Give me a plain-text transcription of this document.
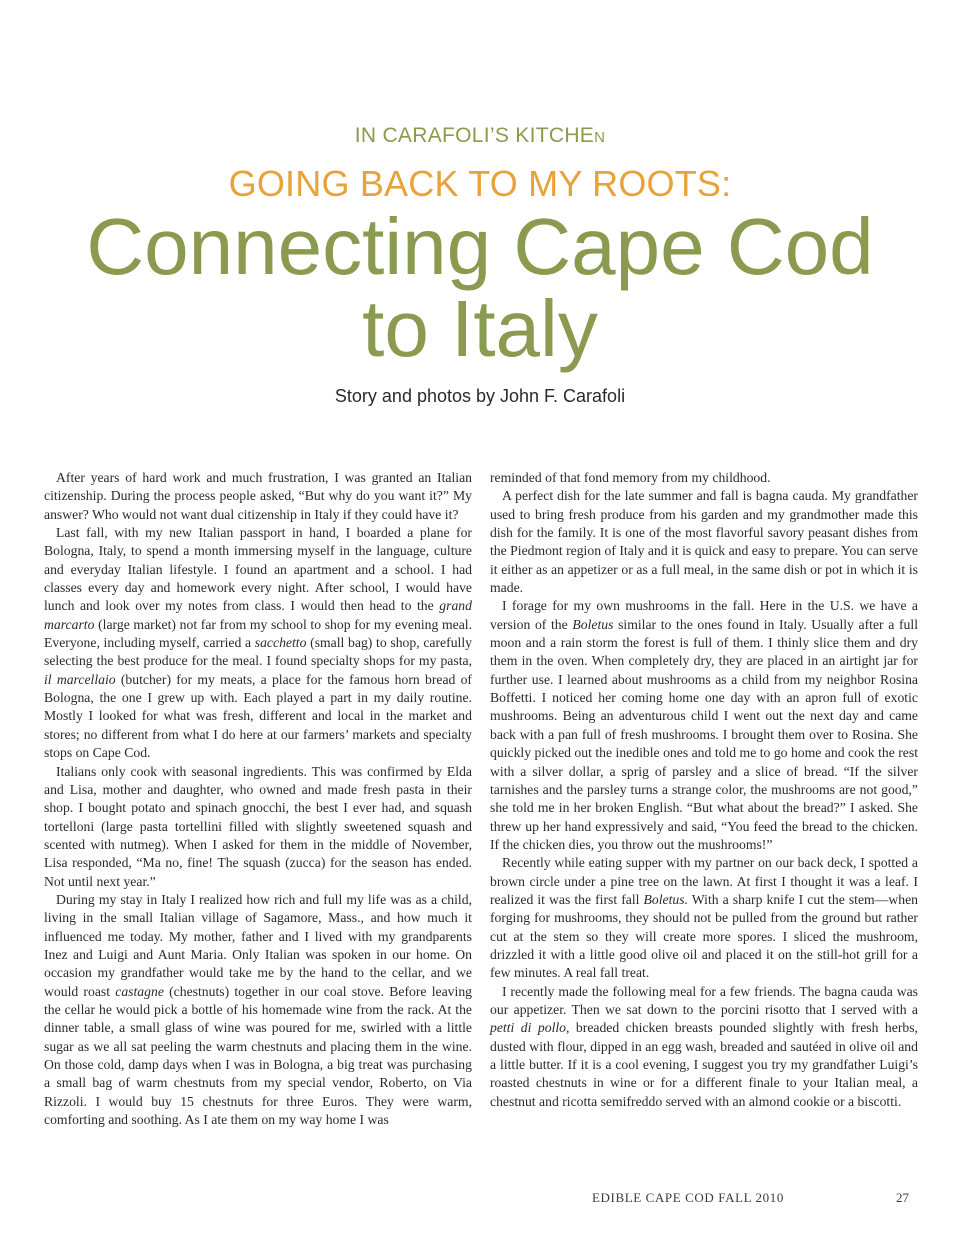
IN CARAFOLI’S KITCHEN
GOING BACK TO MY ROOTS:
Connecting Cape Cod
to Italy
Story and photos by John F. Carafoli

After years of hard work and much frustration, I was granted an Italian citizenship. During the process people asked, “But why do you want it?” My answer? Who would not want dual citizenship in Italy if they could have it?

Last fall, with my new Italian passport in hand, I boarded a plane for Bologna, Italy, to spend a month immersing myself in the language, culture and everyday Italian lifestyle. I found an apartment and a school. I had classes every day and homework every night. After school, I would have lunch and look over my notes from class. I would then head to the grand marcarto (large market) not far from my school to shop for my evening meal. Everyone, including myself, carried a sacchetto (small bag) to shop, carefully selecting the best produce for the meal. I found specialty shops for my pasta, il marcellaio (butcher) for my meats, a place for the famous horn bread of Bologna, the one I grew up with. Each played a part in my daily routine. Mostly I looked for what was fresh, different and local in the market and stores; no different from what I do here at our farmers’ markets and specialty stops on Cape Cod.

Italians only cook with seasonal ingredients. This was confirmed by Elda and Lisa, mother and daughter, who owned and made fresh pasta in their shop. I bought potato and spinach gnocchi, the best I ever had, and squash tortelloni (large pasta tortellini filled with slightly sweetened squash and scented with nutmeg). When I asked for them in the middle of November, Lisa responded, “Ma no, fine! The squash (zucca) for the season has ended. Not until next year.”

During my stay in Italy I realized how rich and full my life was as a child, living in the small Italian village of Sagamore, Mass., and how much it influenced me today. My mother, father and I lived with my grandparents Inez and Luigi and Aunt Maria. Only Italian was spoken in our home. On occasion my grandfather would take me by the hand to the cellar, and we would roast castagne (chestnuts) together in our coal stove. Before leaving the cellar he would pick a bottle of his homemade wine from the rack. At the dinner table, a small glass of wine was poured for me, swirled with a little sugar as we all sat peeling the warm chestnuts and placing them in the wine. On those cold, damp days when I was in Bologna, a big treat was purchasing a small bag of warm chestnuts from my special vendor, Roberto, on Via Rizzoli. I would buy 15 chestnuts for three Euros. They were warm, comforting and soothing. As I ate them on my way home I was

reminded of that fond memory from my childhood.

A perfect dish for the late summer and fall is bagna cauda. My grandfather used to bring fresh produce from his garden and my grandmother made this dish for the family. It is one of the most flavorful savory peasant dishes from the Piedmont region of Italy and it is quick and easy to prepare. You can serve it either as an appetizer or as a full meal, in the same dish or pot in which it is made.

I forage for my own mushrooms in the fall. Here in the U.S. we have a version of the Boletus similar to the ones found in Italy. Usually after a full moon and a rain storm the forest is full of them. I thinly slice them and dry them in the oven. When completely dry, they are placed in an airtight jar for further use. I learned about mushrooms as a child from my neighbor Rosina Boffetti. I noticed her coming home one day with an apron full of exotic mushrooms. Being an adventurous child I went out the next day and came back with a pan full of fresh mushrooms. I brought them over to Rosina. She quickly picked out the inedible ones and told me to go home and cook the rest with a silver dollar, a sprig of parsley and a slice of bread. “If the silver tarnishes and the parsley turns a strange color, the mushrooms are not good,” she told me in her broken English. “But what about the bread?” I asked. She threw up her hand expressively and said, “You feed the bread to the chicken. If the chicken dies, you throw out the mushrooms!”

Recently while eating supper with my partner on our back deck, I spotted a brown circle under a pine tree on the lawn. At first I thought it was a leaf. I realized it was the first fall Boletus. With a sharp knife I cut the stem—when forging for mushrooms, they should not be pulled from the ground but rather cut at the stem so they will create more spores. I sliced the mushroom, drizzled it with a little good olive oil and placed it on the still-hot grill for a few minutes. A real fall treat.

I recently made the following meal for a few friends. The bagna cauda was our appetizer. Then we sat down to the porcini risotto that I served with a petti di pollo, breaded chicken breasts pounded slightly with fresh herbs, dusted with flour, dipped in an egg wash, breaded and sautéed in olive oil and a little butter. If it is a cool evening, I suggest you try my grandfather Luigi’s roasted chestnuts in wine or for a different finale to your Italian meal, a chestnut and ricotta semifreddo served with an almond cookie or a biscotti.

EDIBLE CAPE COD FALL 2010	27
